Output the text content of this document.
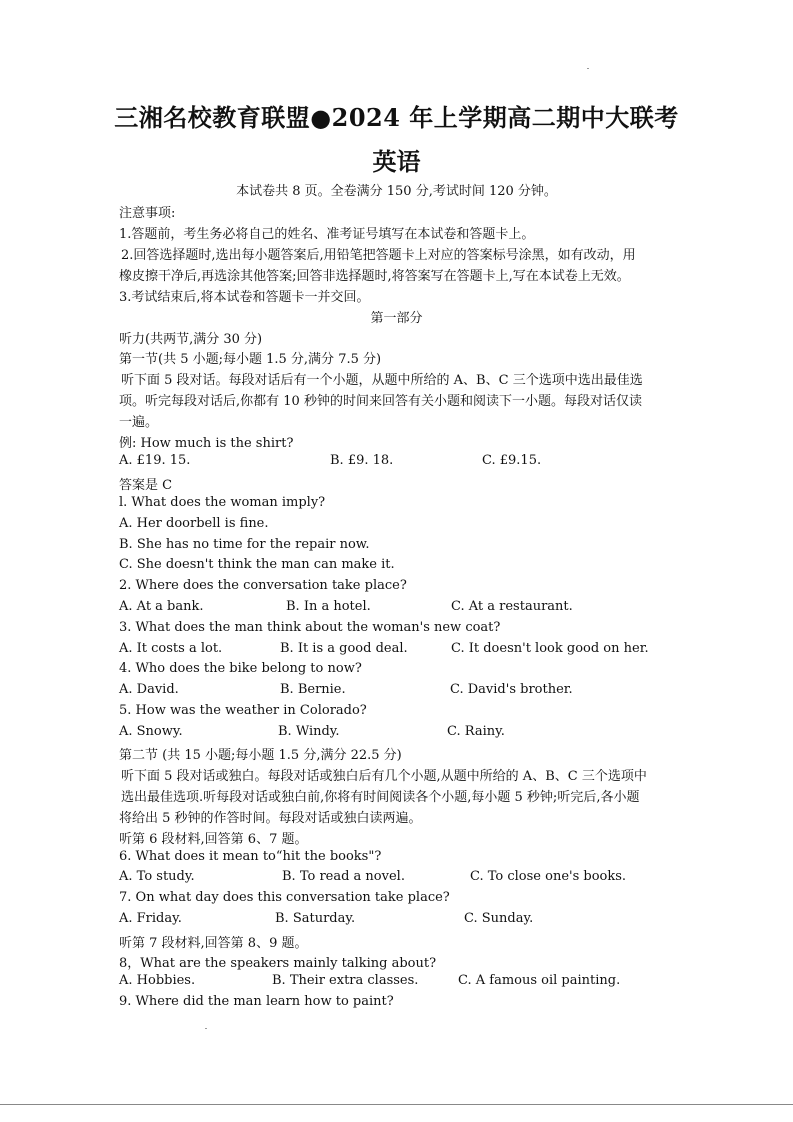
三湘名校教育联盟●2024 年上学期高二期中大联考
英语
本试卷共 8 页。全卷满分 150 分,考试时间 120 分钟。
注意事项:
1.答题前，考生务必将自己的姓名、准考证号填写在本试卷和答题卡上。
2.回答选择题时,选出每小题答案后,用铅笔把答题卡上对应的答案标号涂黑，如有改动，用
橡皮擦干净后,再选涂其他答案;回答非选择题时,将答案写在答题卡上,写在本试卷上无效。
3.考试结束后,将本试卷和答题卡一并交回。
第一部分
听力(共两节,满分 30 分)
第一节(共 5 小题;每小题 1.5 分,满分 7.5 分)
听下面 5 段对话。每段对话后有一个小题，从题中所给的 A、B、C 三个选项中选出最佳选
项。听完每段对话后,你都有 10 秒钟的时间来回答有关小题和阅读下一小题。每段对话仅读
一遍。
例: How much is the shirt?
A. £19. 15.	B. £9. 18.	C. £9.15.
答案是 C
l. What does the woman imply?
A. Her doorbell is fine.
B. She has no time for the repair now.
C. She doesn't think the man can make it.
2. Where does the conversation take place?
A. At a bank.	B. In a hotel.	C. At a restaurant.
3. What does the man think about the woman's new coat?
A. It costs a lot.	B. It is a good deal.	C. It doesn't look good on her.
4. Who does the bike belong to now?
A. David.	B. Bernie.	C. David's brother.
5. How was the weather in Colorado?
A. Snowy.	B. Windy.	C. Rainy.
第二节 (共 15 小题;每小题 1.5 分,满分 22.5 分)
听下面 5 段对话或独白。每段对话或独白后有几个小题,从题中所给的 A、B、C 三个选项中
选出最佳选项.听每段对话或独白前,你将有时间阅读各个小题,每小题 5 秒钟;听完后,各小题
将给出 5 秒钟的作答时间。每段对话或独白读两遍。
听第 6 段材料,回答第 6、7 题。
6. What does it mean to“hit the books"?
A. To study.	B. To read a novel.	C. To close one's books.
7. On what day does this conversation take place?
A. Friday.	B. Saturday.	C. Sunday.
听第 7 段材料,回答第 8、9 题。
8，What are the speakers mainly talking about?
A. Hobbies.	B. Their extra classes.	C. A famous oil painting.
9. Where did the man learn how to paint?
